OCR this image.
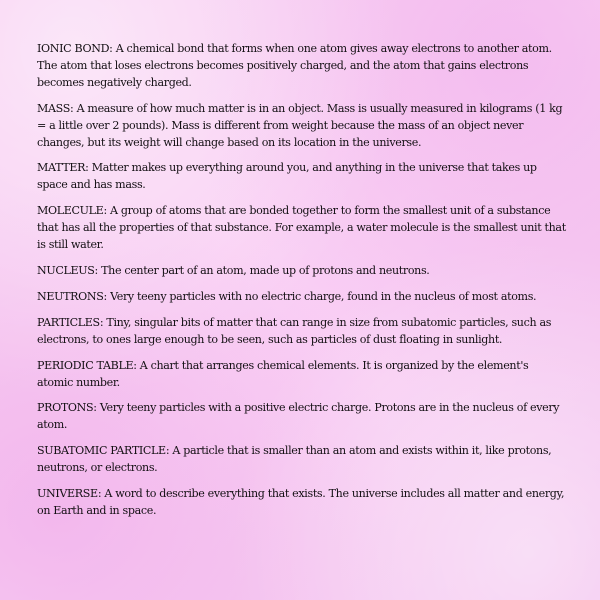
IONIC BOND: A chemical bond that forms when one atom gives away electrons to another atom. The atom that loses electrons becomes positively charged, and the atom that gains electrons becomes negatively charged.

MASS: A measure of how much matter is in an object. Mass is usually measured in kilograms (1 kg = a little over 2 pounds). Mass is different from weight because the mass of an object never changes, but its weight will change based on its location in the universe.

MATTER: Matter makes up everything around you, and anything in the universe that takes up space and has mass.

MOLECULE: A group of atoms that are bonded together to form the smallest unit of a substance that has all the properties of that substance. For example, a water molecule is the smallest unit that is still water.

NUCLEUS: The center part of an atom, made up of protons and neutrons.

NEUTRONS: Very teeny particles with no electric charge, found in the nucleus of most atoms.

PARTICLES: Tiny, singular bits of matter that can range in size from subatomic particles, such as electrons, to ones large enough to be seen, such as particles of dust floating in sunlight.

PERIODIC TABLE: A chart that arranges chemical elements. It is organized by the element's atomic number.

PROTONS: Very teeny particles with a positive electric charge. Protons are in the nucleus of every atom.

SUBATOMIC PARTICLE: A particle that is smaller than an atom and exists within it, like protons, neutrons, or electrons.

UNIVERSE: A word to describe everything that exists. The universe includes all matter and energy, on Earth and in space.
